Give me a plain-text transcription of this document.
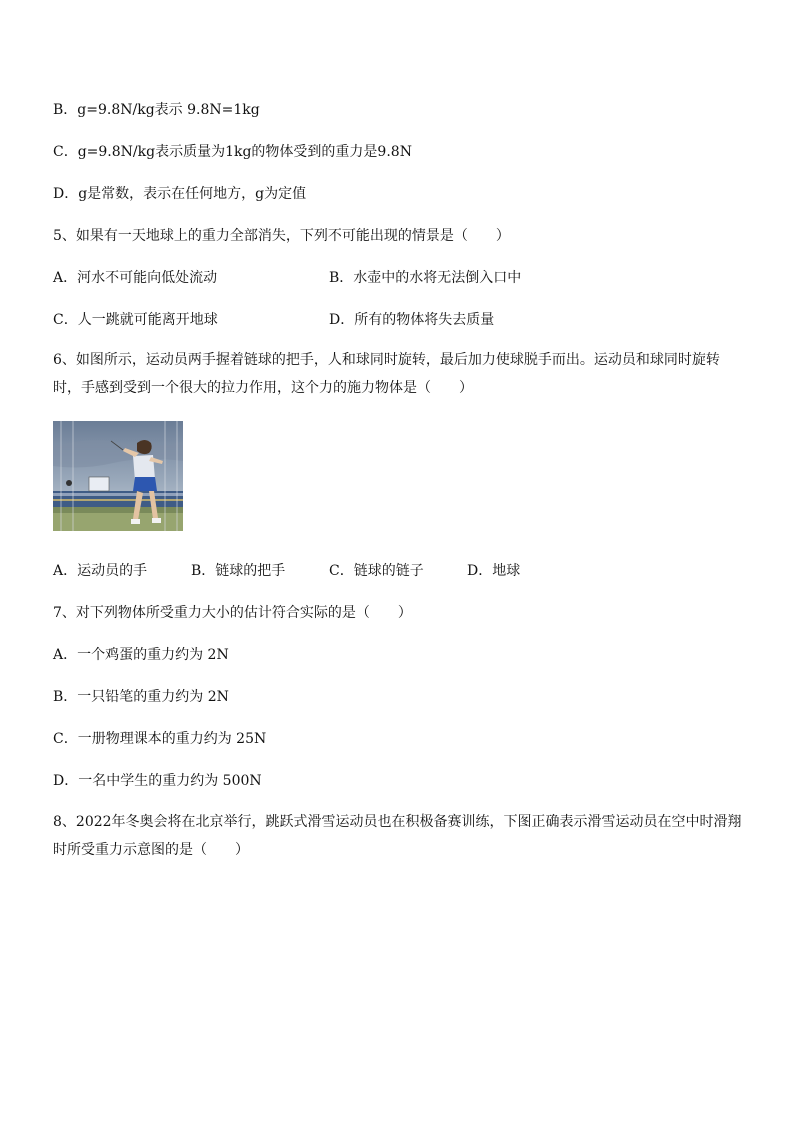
B．g=9.8N/kg表示 9.8N=1kg
C．g=9.8N/kg表示质量为1kg的物体受到的重力是9.8N
D．g是常数，表示在任何地方，g为定值
5、如果有一天地球上的重力全部消失，下列不可能出现的情景是（　　）
A．河水不可能向低处流动	B．水壶中的水将无法倒入口中
C．人一跳就可能离开地球	D．所有的物体将失去质量
6、如图所示，运动员两手握着链球的把手，人和球同时旋转，最后加力使球脱手而出。运动员和球同时旋转时，手感到受到一个很大的拉力作用，这个力的施力物体是（　　）
A．运动员的手	B．链球的把手	C．链球的链子	D．地球
7、对下列物体所受重力大小的估计符合实际的是（　　）
A．一个鸡蛋的重力约为 2N
B．一只铅笔的重力约为 2N
C．一册物理课本的重力约为 25N
D．一名中学生的重力约为 500N
8、2022年冬奥会将在北京举行，跳跃式滑雪运动员也在积极备赛训练，下图正确表示滑雪运动员在空中时滑翔时所受重力示意图的是（　　）
